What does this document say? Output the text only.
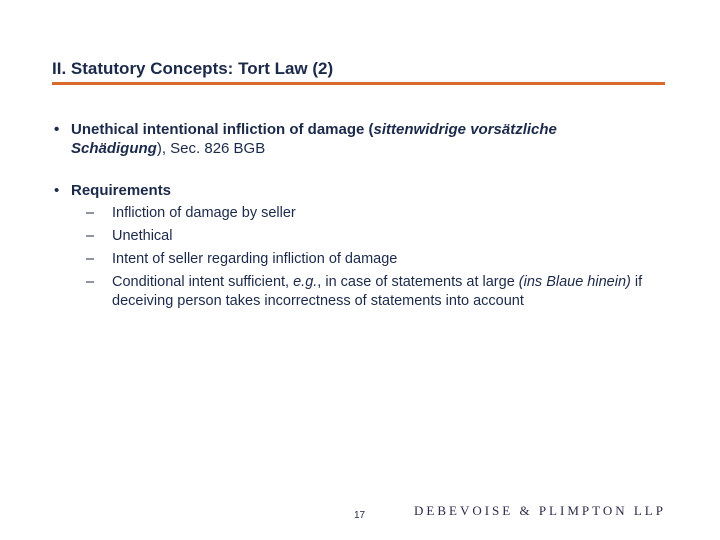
II. Statutory Concepts: Tort Law (2)
• Unethical intentional infliction of damage (sittenwidrige vorsätzliche Schädigung), Sec. 826 BGB
• Requirements
– Infliction of damage by seller
– Unethical
– Intent of seller regarding infliction of damage
– Conditional intent sufficient, e.g., in case of statements at large (ins Blaue hinein) if deceiving person takes incorrectness of statements into account
17	DEBEVOISE & PLIMPTON LLP
